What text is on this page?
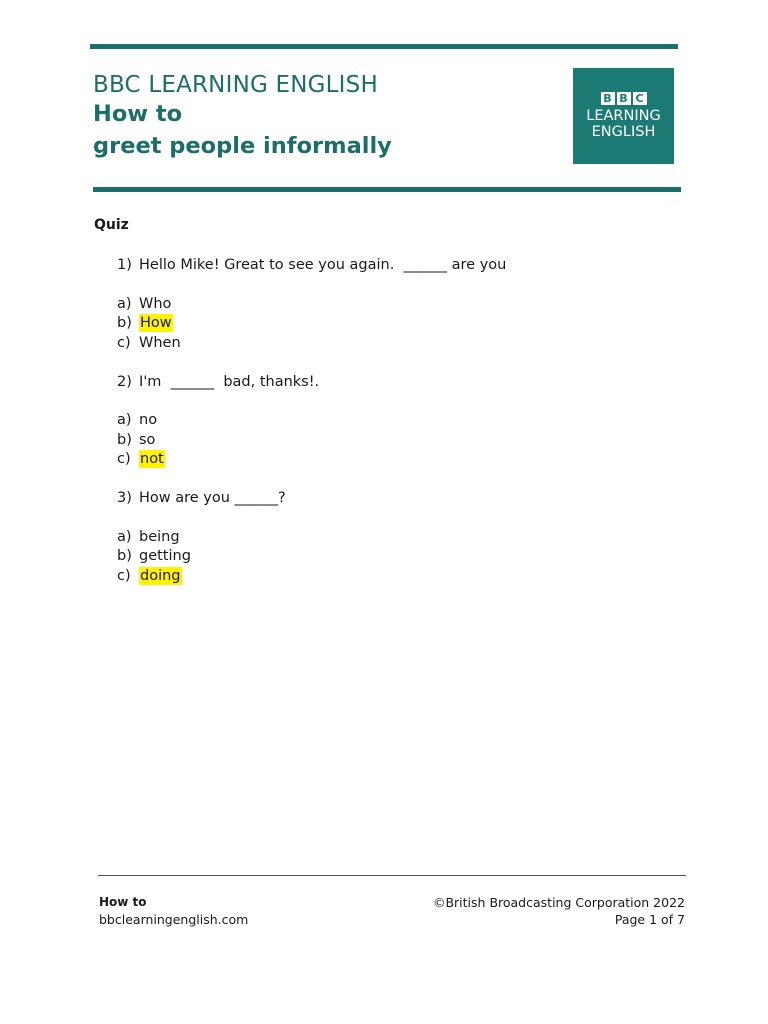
BBC LEARNING ENGLISH
How to
greet people informally
B B C
LEARNING
ENGLISH
Quiz
1) Hello Mike! Great to see you again.  ______ are you
a) Who
b) How
c) When
2) I'm  ______  bad, thanks!.
a) no
b) so
c) not
3) How are you ______?
a) being
b) getting
c) doing
How to
bbclearningenglish.com
©British Broadcasting Corporation 2022
Page 1 of 7
